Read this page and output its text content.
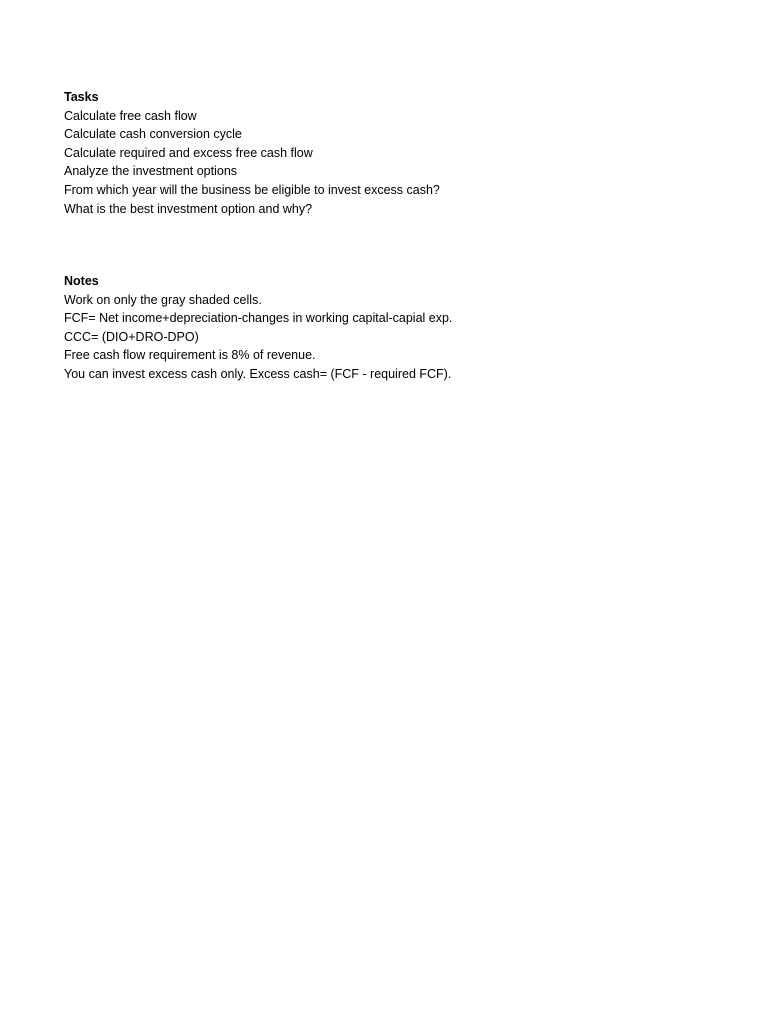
Tasks
Calculate free cash flow
Calculate cash conversion cycle
Calculate required and excess free cash flow
Analyze the investment options
From which year will the business be eligible to invest excess cash?
What is the best investment option and why?
Notes
Work on only the gray shaded cells.
FCF= Net income+depreciation-changes in working capital-capial exp.
CCC= (DIO+DRO-DPO)
Free cash flow requirement is 8% of revenue.
You can invest excess cash only. Excess cash= (FCF - required FCF).
